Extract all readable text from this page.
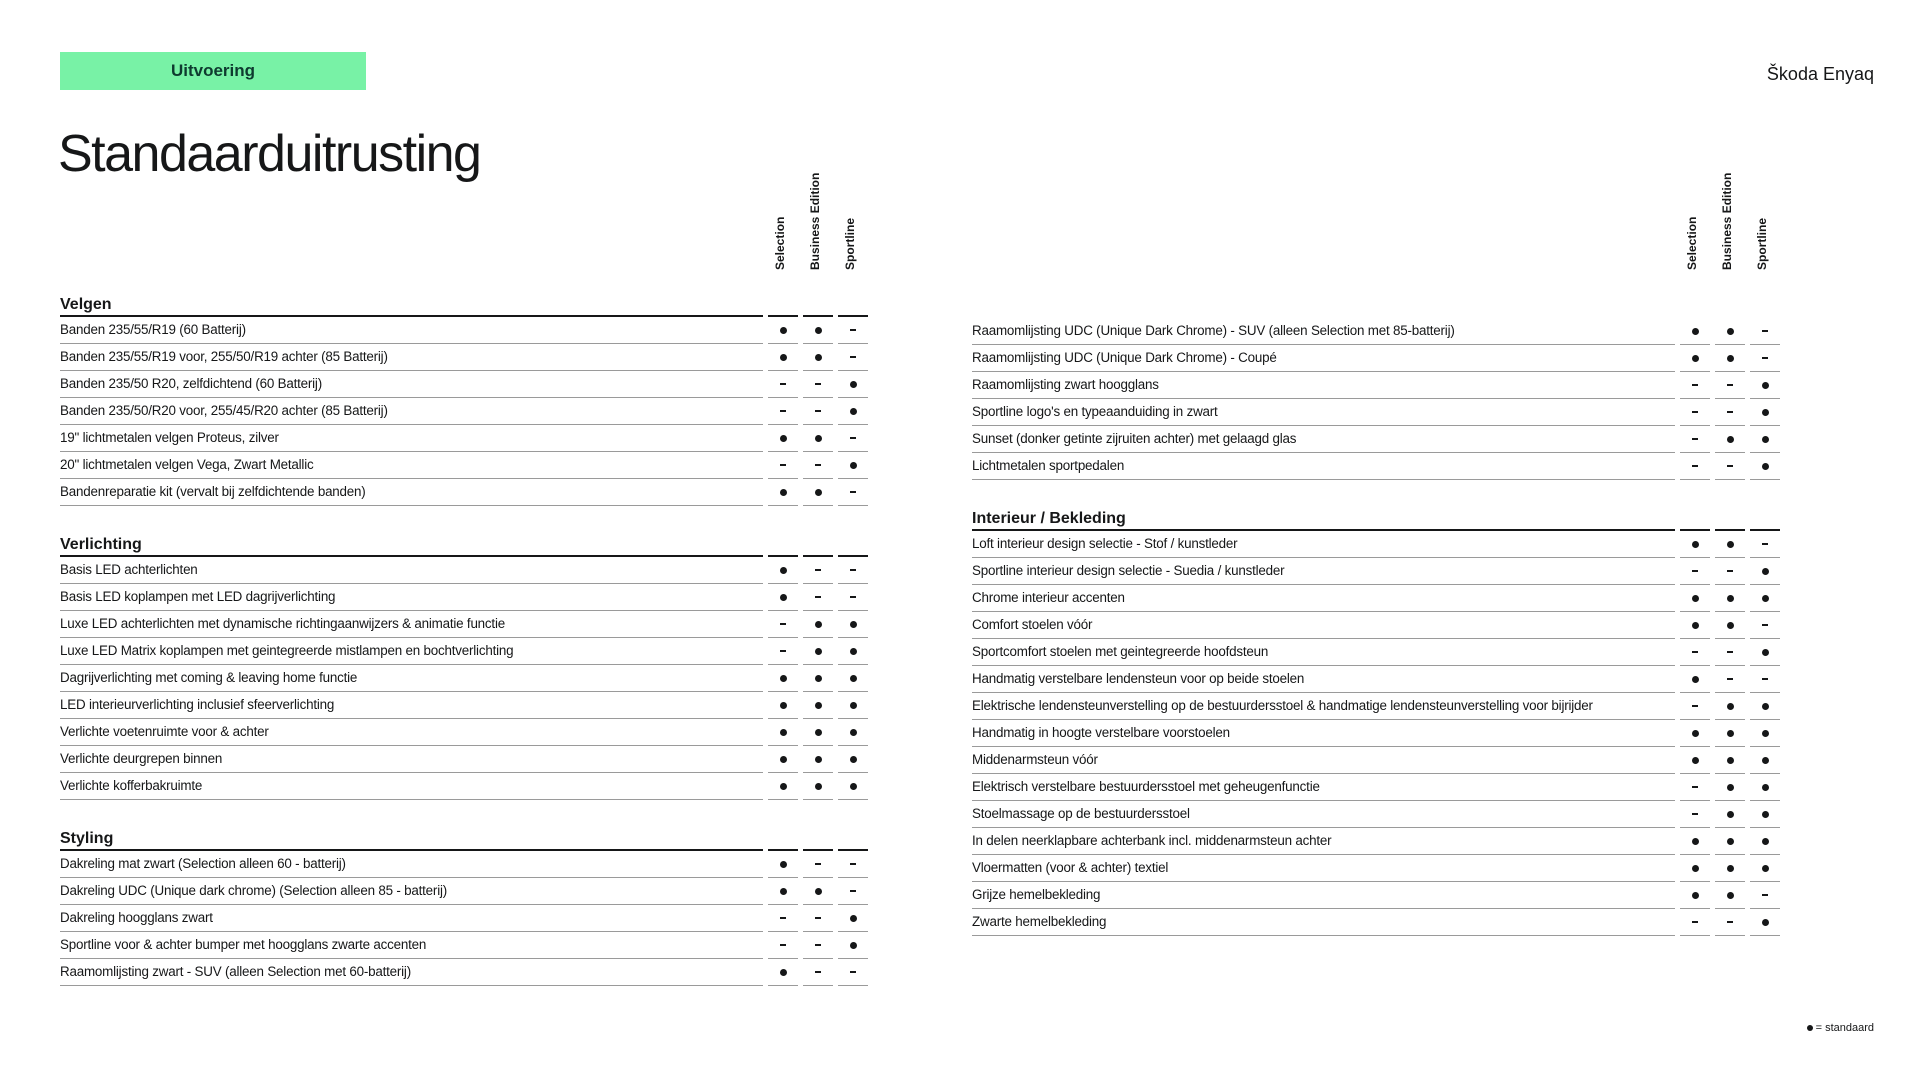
Uitvoering	Škoda Enyaq
Standaarduitrusting
Selection Business Edition Sportline	Selection Business Edition Sportline
Velgen
Banden 235/55/R19 (60 Batterij)
Banden 235/55/R19 voor, 255/50/R19 achter (85 Batterij)
Banden 235/50 R20, zelfdichtend (60 Batterij)
Banden 235/50/R20 voor, 255/45/R20 achter (85 Batterij)
19" lichtmetalen velgen Proteus, zilver
20" lichtmetalen velgen Vega, Zwart Metallic
Bandenreparatie kit (vervalt bij zelfdichtende banden)
Verlichting
Basis LED achterlichten
Basis LED koplampen met LED dagrijverlichting
Luxe LED achterlichten met dynamische richtingaanwijzers & animatie functie
Luxe LED Matrix koplampen met geintegreerde mistlampen en bochtverlichting
Dagrijverlichting met coming & leaving home functie
LED interieurverlichting inclusief sfeerverlichting
Verlichte voetenruimte voor & achter
Verlichte deurgrepen binnen
Verlichte kofferbakruimte
Styling
Dakreling mat zwart (Selection alleen 60 - batterij)
Dakreling UDC (Unique dark chrome) (Selection alleen 85 - batterij)
Dakreling hoogglans zwart
Sportline voor & achter bumper met hoogglans zwarte accenten
Raamomlijsting zwart - SUV (alleen Selection met 60-batterij)
Raamomlijsting UDC (Unique Dark Chrome) - SUV (alleen Selection met 85-batterij)
Raamomlijsting UDC (Unique Dark Chrome) - Coupé
Raamomlijsting zwart hoogglans
Sportline logo's en typeaanduiding in zwart
Sunset (donker getinte zijruiten achter) met gelaagd glas
Lichtmetalen sportpedalen
Interieur / Bekleding
Loft interieur design selectie - Stof / kunstleder
Sportline interieur design selectie - Suedia / kunstleder
Chrome interieur accenten
Comfort stoelen vóór
Sportcomfort stoelen met geintegreerde hoofdsteun
Handmatig verstelbare lendensteun voor op beide stoelen
Elektrische lendensteunverstelling op de bestuurdersstoel & handmatige lendensteunverstelling voor bijrijder
Handmatig in hoogte verstelbare voorstoelen
Middenarmsteun vóór
Elektrisch verstelbare bestuurdersstoel met geheugenfunctie
Stoelmassage op de bestuurdersstoel
In delen neerklapbare achterbank incl. middenarmsteun achter
Vloermatten (voor & achter) textiel
Grijze hemelbekleding
Zwarte hemelbekleding
= standaard
